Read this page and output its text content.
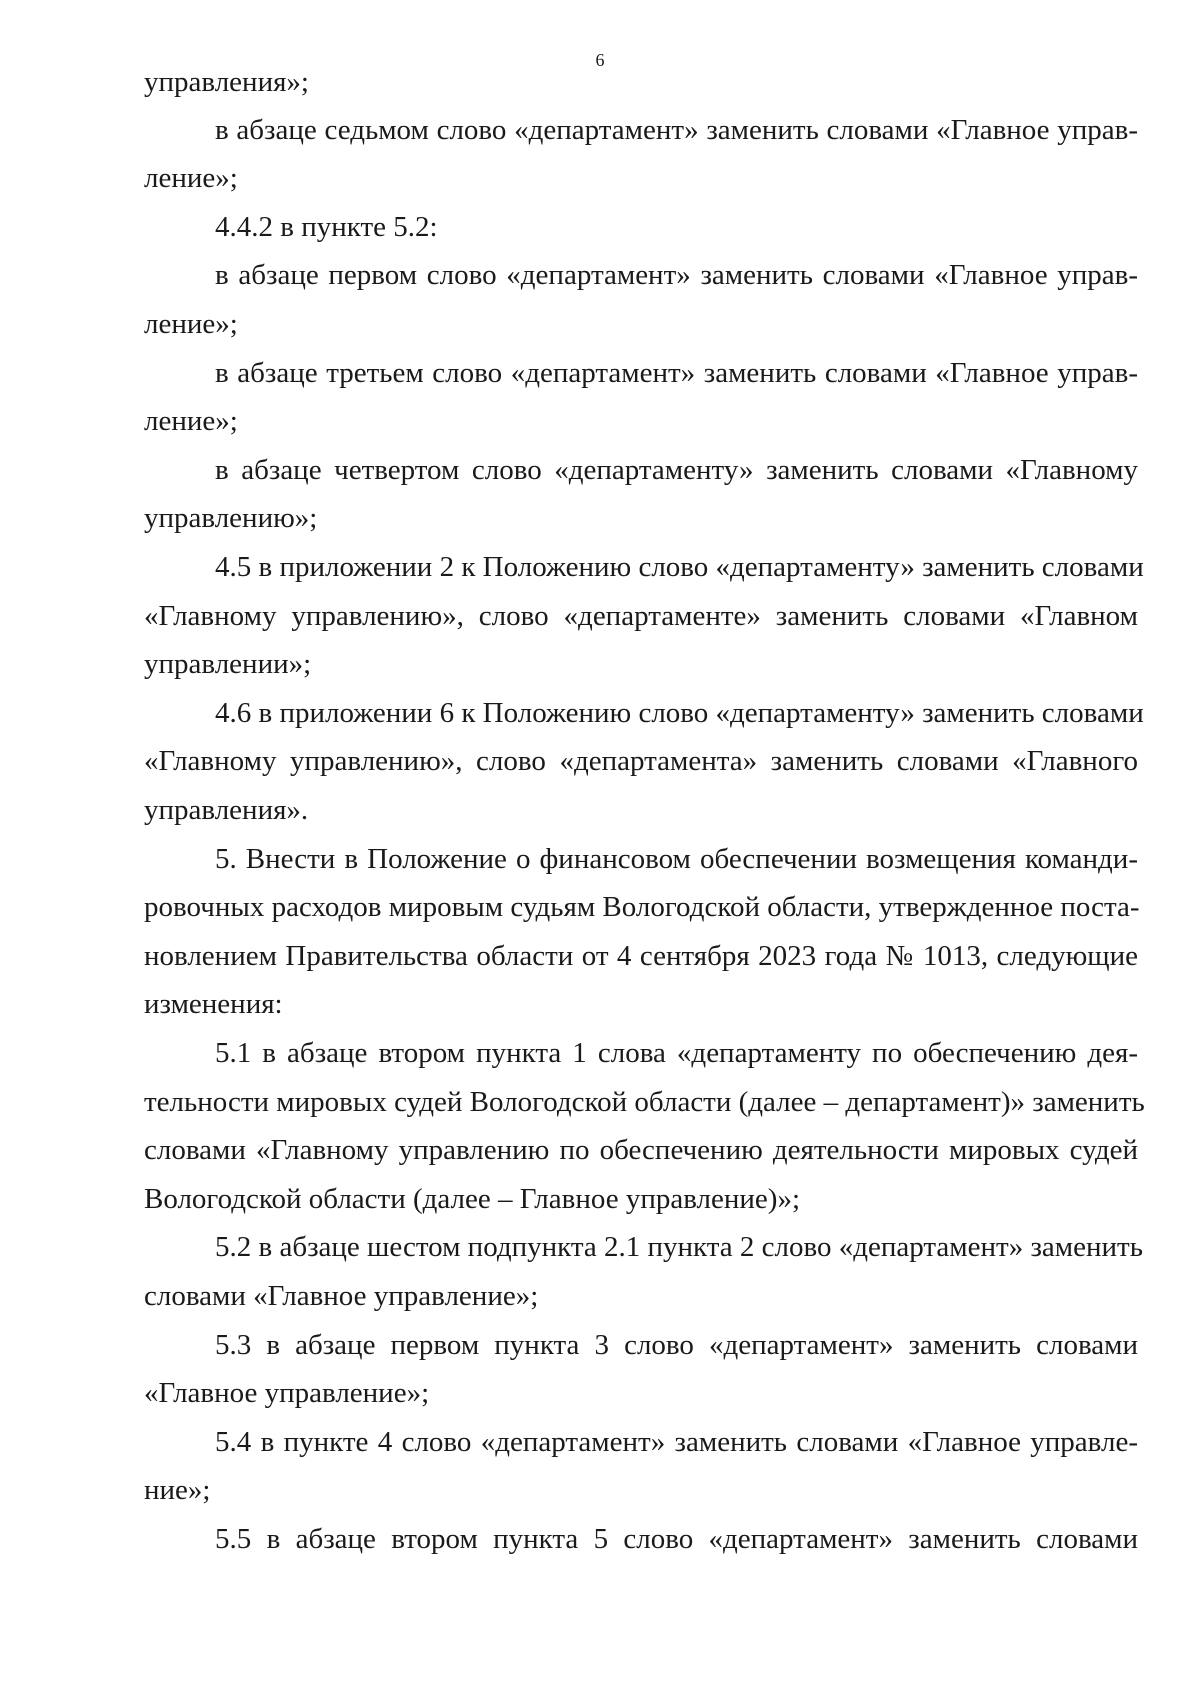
6
управления»;
в абзаце седьмом слово «департамент» заменить словами «Главное управ-
ление»;
4.4.2 в пункте 5.2:
в абзаце первом слово «департамент» заменить словами «Главное управ-
ление»;
в абзаце третьем слово «департамент» заменить словами «Главное управ-
ление»;
в абзаце четвертом слово «департаменту» заменить словами «Главному
управлению»;
4.5 в приложении 2 к Положению слово «департаменту» заменить словами
«Главному управлению», слово «департаменте» заменить словами «Главном
управлении»;
4.6 в приложении 6 к Положению слово «департаменту» заменить словами
«Главному управлению», слово «департамента» заменить словами «Главного
управления».
5. Внести в Положение о финансовом обеспечении возмещения команди-
ровочных расходов мировым судьям Вологодской области, утвержденное поста-
новлением Правительства области от 4 сентября 2023 года № 1013, следующие
изменения:
5.1 в абзаце втором пункта 1 слова «департаменту по обеспечению дея-
тельности мировых судей Вологодской области (далее – департамент)» заменить
словами «Главному управлению по обеспечению деятельности мировых судей
Вологодской области (далее – Главное управление)»;
5.2 в абзаце шестом подпункта 2.1 пункта 2 слово «департамент» заменить
словами «Главное управление»;
5.3 в абзаце первом пункта 3 слово «департамент» заменить словами
«Главное управление»;
5.4 в пункте 4 слово «департамент» заменить словами «Главное управле-
ние»;
5.5 в абзаце втором пункта 5 слово «департамент» заменить словами
